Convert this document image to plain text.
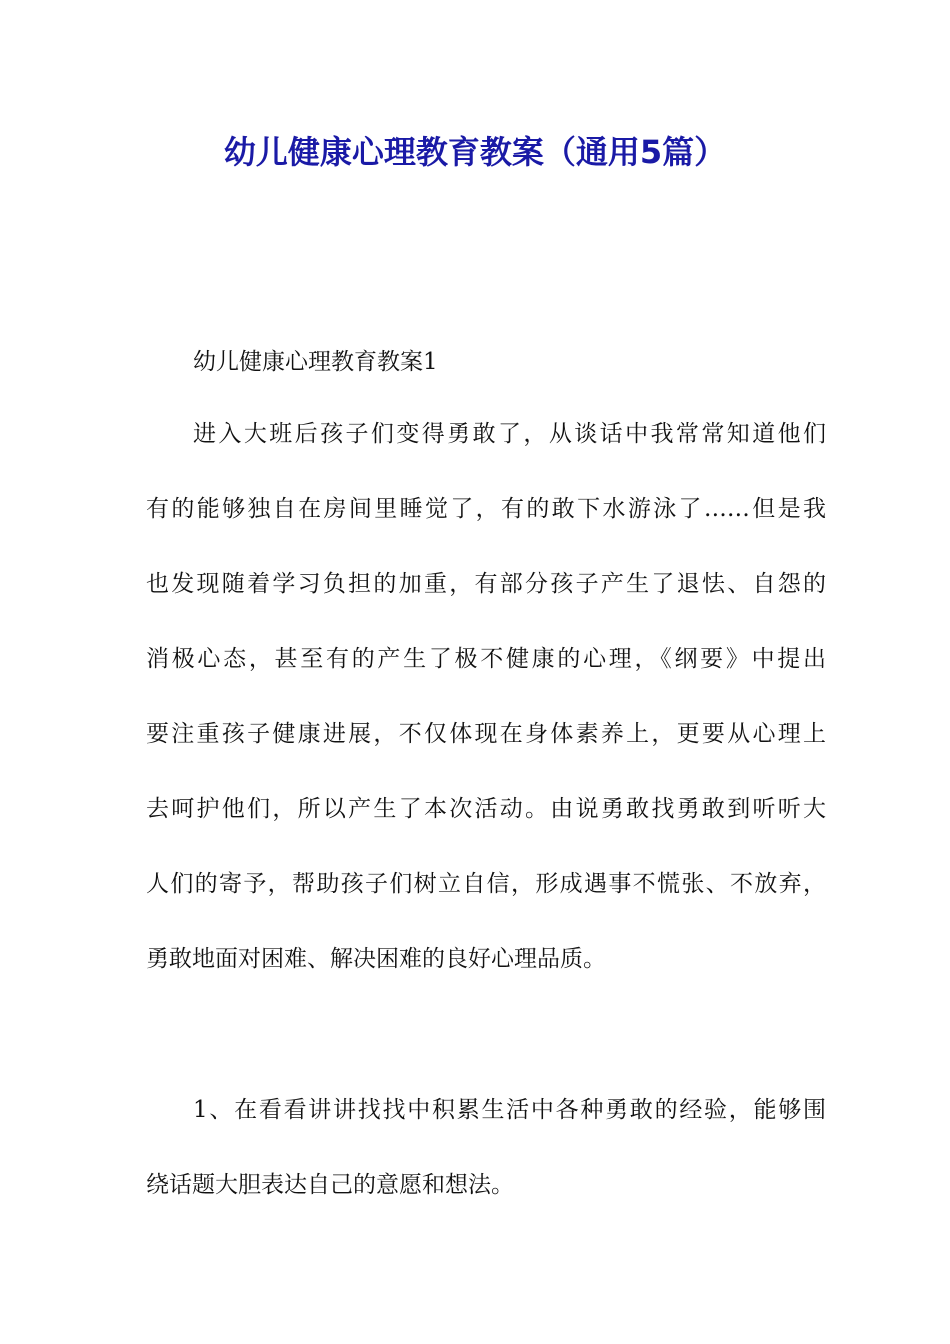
幼儿健康心理教育教案（通用5篇）
幼儿健康心理教育教案1
进入大班后孩子们变得勇敢了，从谈话中我常常知道他们
有的能够独自在房间里睡觉了，有的敢下水游泳了……但是我
也发现随着学习负担的加重，有部分孩子产生了退怯、自怨的
消极心态，甚至有的产生了极不健康的心理，《纲要》中提出
要注重孩子健康进展，不仅体现在身体素养上，更要从心理上
去呵护他们，所以产生了本次活动。由说勇敢找勇敢到听听大
人们的寄予，帮助孩子们树立自信，形成遇事不慌张、不放弃，
勇敢地面对困难、解决困难的良好心理品质。
1、在看看讲讲找找中积累生活中各种勇敢的经验，能够围
绕话题大胆表达自己的意愿和想法。
